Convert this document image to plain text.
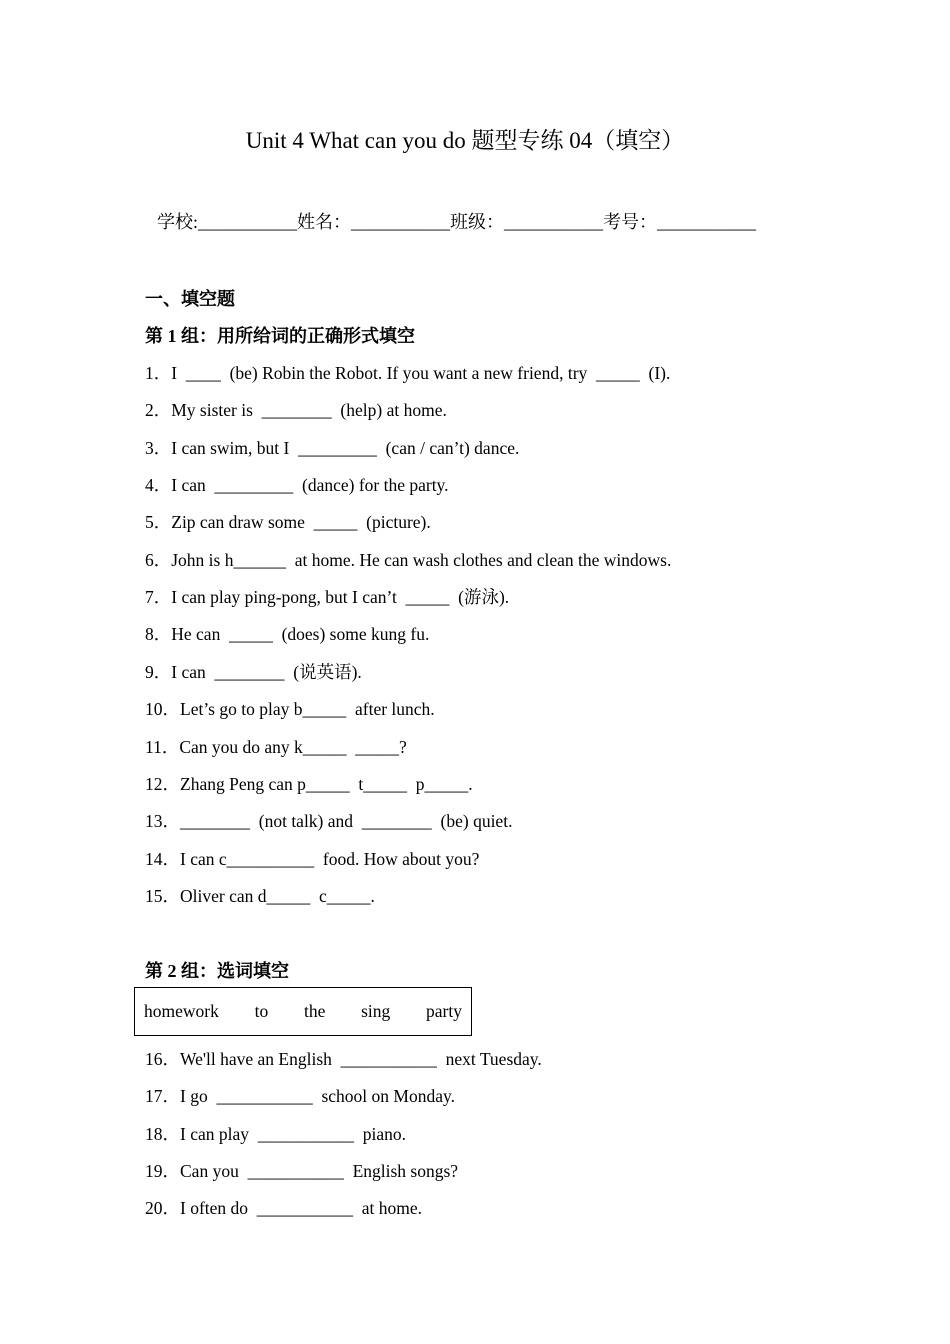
Unit 4 What can you do 题型专练 04（填空）
学校:___________姓名：___________班级：___________考号：___________
一、填空题
第 1 组：用所给词的正确形式填空
1．I  ____  (be) Robin the Robot. If you want a new friend, try  _____  (I).
2．My sister is  ________  (help) at home.
3．I can swim, but I  _________  (can / can’t) dance.
4．I can  _________  (dance) for the party.
5．Zip can draw some  _____  (picture).
6．John is h______  at home. He can wash clothes and clean the windows.
7．I can play ping-pong, but I can’t  _____  (游泳).
8．He can  _____  (does) some kung fu.
9．I can  ________  (说英语).
10．Let’s go to play b_____  after lunch.
11．Can you do any k_____  _____?
12．Zhang Peng can p_____  t_____  p_____.
13．________  (not talk) and  ________  (be) quiet.
14．I can c__________  food. How about you?
15．Oliver can d_____  c_____.
第 2 组：选词填空
homework to the sing party
16．We'll have an English  ___________  next Tuesday.
17．I go  ___________  school on Monday.
18．I can play  ___________  piano.
19．Can you  ___________  English songs?
20．I often do  ___________  at home.
